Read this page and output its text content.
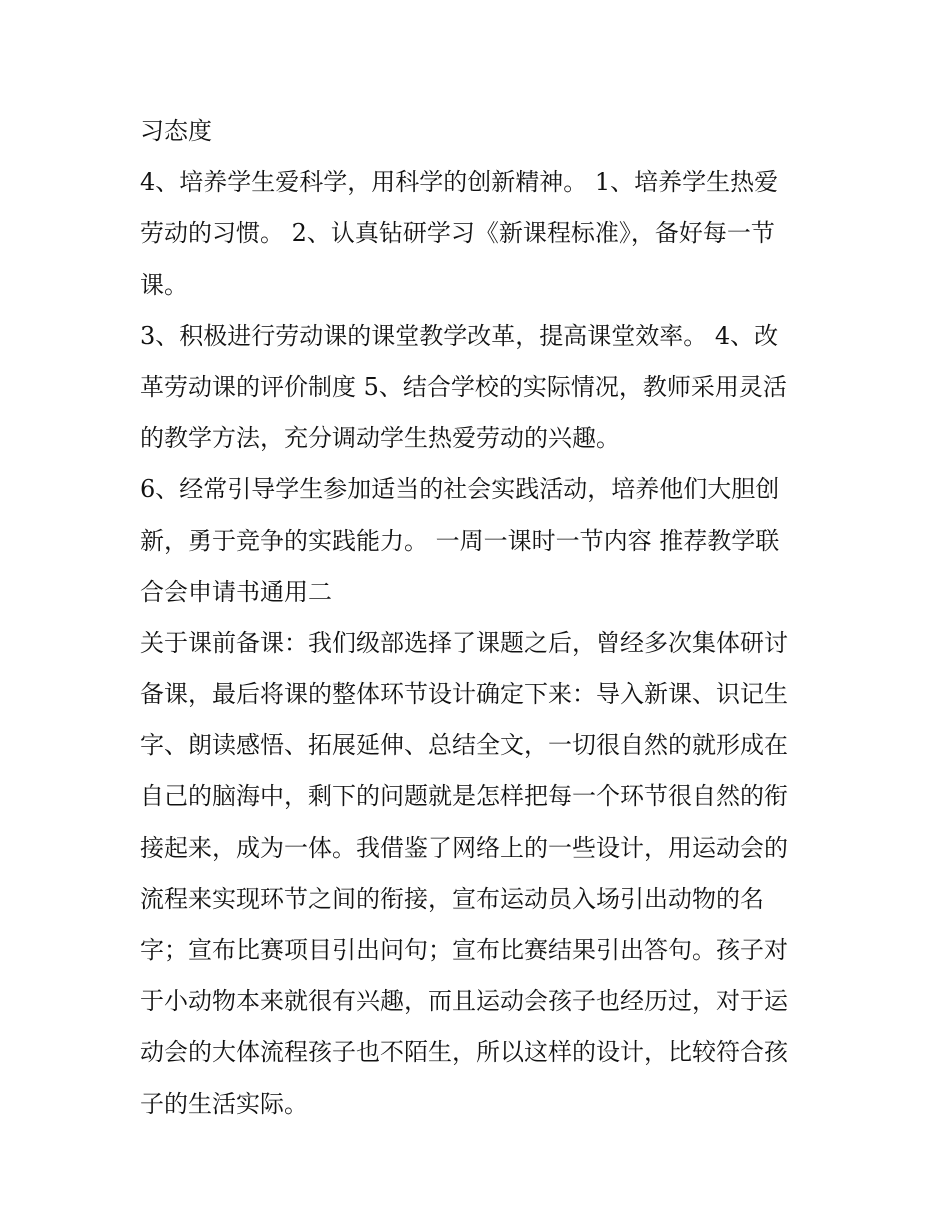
习态度
4、培养学生爱科学，用科学的创新精神。 1、培养学生热爱
劳动的习惯。 2、认真钻研学习《新课程标准》，备好每一节
课。
3、积极进行劳动课的课堂教学改革，提高课堂效率。 4、改
革劳动课的评价制度 5、结合学校的实际情况，教师采用灵活
的教学方法，充分调动学生热爱劳动的兴趣。
6、经常引导学生参加适当的社会实践活动，培养他们大胆创
新，勇于竞争的实践能力。 一周一课时一节内容 推荐教学联
合会申请书通用二
关于课前备课：我们级部选择了课题之后，曾经多次集体研讨
备课，最后将课的整体环节设计确定下来：导入新课、识记生
字、朗读感悟、拓展延伸、总结全文，一切很自然的就形成在
自己的脑海中，剩下的问题就是怎样把每一个环节很自然的衔
接起来，成为一体。我借鉴了网络上的一些设计，用运动会的
流程来实现环节之间的衔接，宣布运动员入场引出动物的名
字；宣布比赛项目引出问句；宣布比赛结果引出答句。孩子对
于小动物本来就很有兴趣，而且运动会孩子也经历过，对于运
动会的大体流程孩子也不陌生，所以这样的设计，比较符合孩
子的生活实际。
